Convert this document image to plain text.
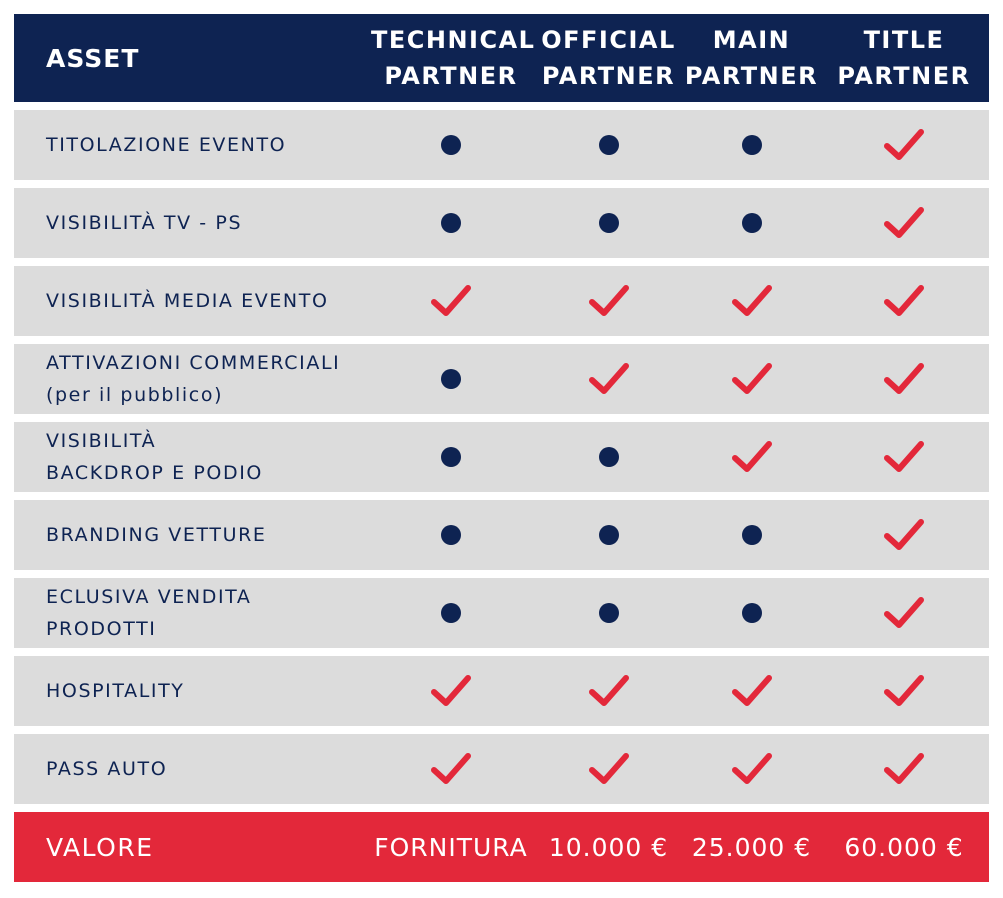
ASSET
TECHNICAL
PARTNER
OFFICIAL
PARTNER
MAIN
PARTNER
TITLE
PARTNER
TITOLAZIONE EVENTO
VISIBILITÀ TV - PS
VISIBILITÀ MEDIA EVENTO
ATTIVAZIONI COMMERCIALI
(per il pubblico)
VISIBILITÀ
BACKDROP E PODIO
BRANDING VETTURE
ECLUSIVA VENDITA PRODOTTI
HOSPITALITY
PASS AUTO
VALORE	FORNITURA 10.000 € 25.000 €	60.000 €
